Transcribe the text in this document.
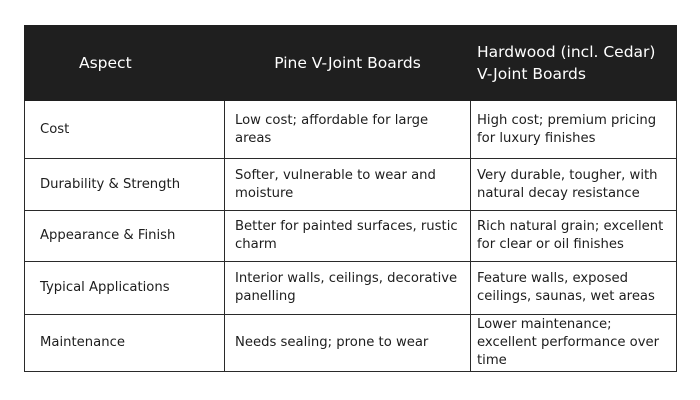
Aspect	Pine V-Joint Boards	Hardwood (incl. Cedar) V-Joint Boards

Cost	Low cost; affordable for large areas	High cost; premium pricing for luxury finishes

Durability & Strength	Softer, vulnerable to wear and moisture	Very durable, tougher, with natural decay resistance

Appearance & Finish	Better for painted surfaces, rustic charm	Rich natural grain; excellent for clear or oil finishes

Typical Applications	Interior walls, ceilings, decorative panelling	Feature walls, exposed ceilings, saunas, wet areas

Maintenance	Needs sealing; prone to wear	Lower maintenance; excellent performance over time
